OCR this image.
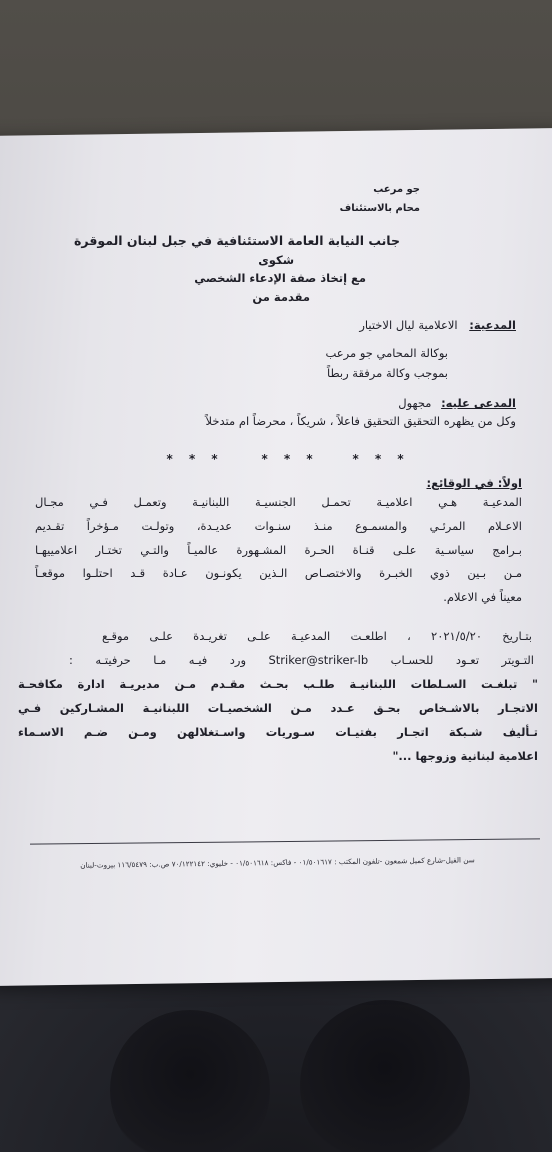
جو مرعب
محام بالاستئناف
جانب النيابة العامة الاستئنافية في جبل لبنان الموقرة
شكوى
مع إتخاذ صفة الإدعاء الشخصي
مقدمة من
المدعية: الاعلامية ليال الاختيار
بوكالة المحامي جو مرعب
بموجب وكالة مرفقة ربطاً
المدعى عليه: مجهول
وكل من يظهره التحقيق التحقيق فاعلاً ، شريكاً ، محرضاً ام متدخلاً
* * *	* * *	* * *
اولاً: في الوقائع:
المدعيـة هـي اعلاميـة تحمـل الجنسيـة اللبنانيـة وتعمـل فـي مجـال
الاعـلام المرئـي والمسمـوع منـذ سنـوات عديـدة، وتولـت مـؤخراً تقـديم
بـرامج سياسـية علـى قنـاة الحـرة المشـهورة عالميـاً والتـي تختـار اعلامييهـا
مـن بـين ذوي الخبـرة والاختصـاص الـذين يكونـون عـادة قـد احتلـوا موقعـاً
معيناً في الاعلام.
بتـاريخ ٢٠٢١/٥/٢٠ ، اطلعـت المدعيـة علـى تغريـدة علـى موقـع
التـويتر تعـود للحسـاب Striker@striker-lb ورد فيـه مـا حرفيتـه :
" تبلغـت السـلطات اللبنانيـة طلـب بحـث مقـدم مـن مديريـة ادارة مكافحـة
الاتجـار بالاشـخاص بحـق عـدد مـن الشخصيـات اللبنانيـة المشـاركين فـي
تـأليف شـبكة اتجـار بفتيـات سـوريات واسـتغلالهن ومـن ضـم الاسـماء
اعلامية لبنانية وزوجها ..."
سن الفيل-شارع كميل شمعون -تلفون المكتب : ٠١/٥٠١٦١٧ - فاكس: ٠١/٥٠١٦١٨ - خليوي: ٧٠/١٢٢١٤٢ ص.ب: ١١٦/٥٤٧٩ بيروت-لبنان
